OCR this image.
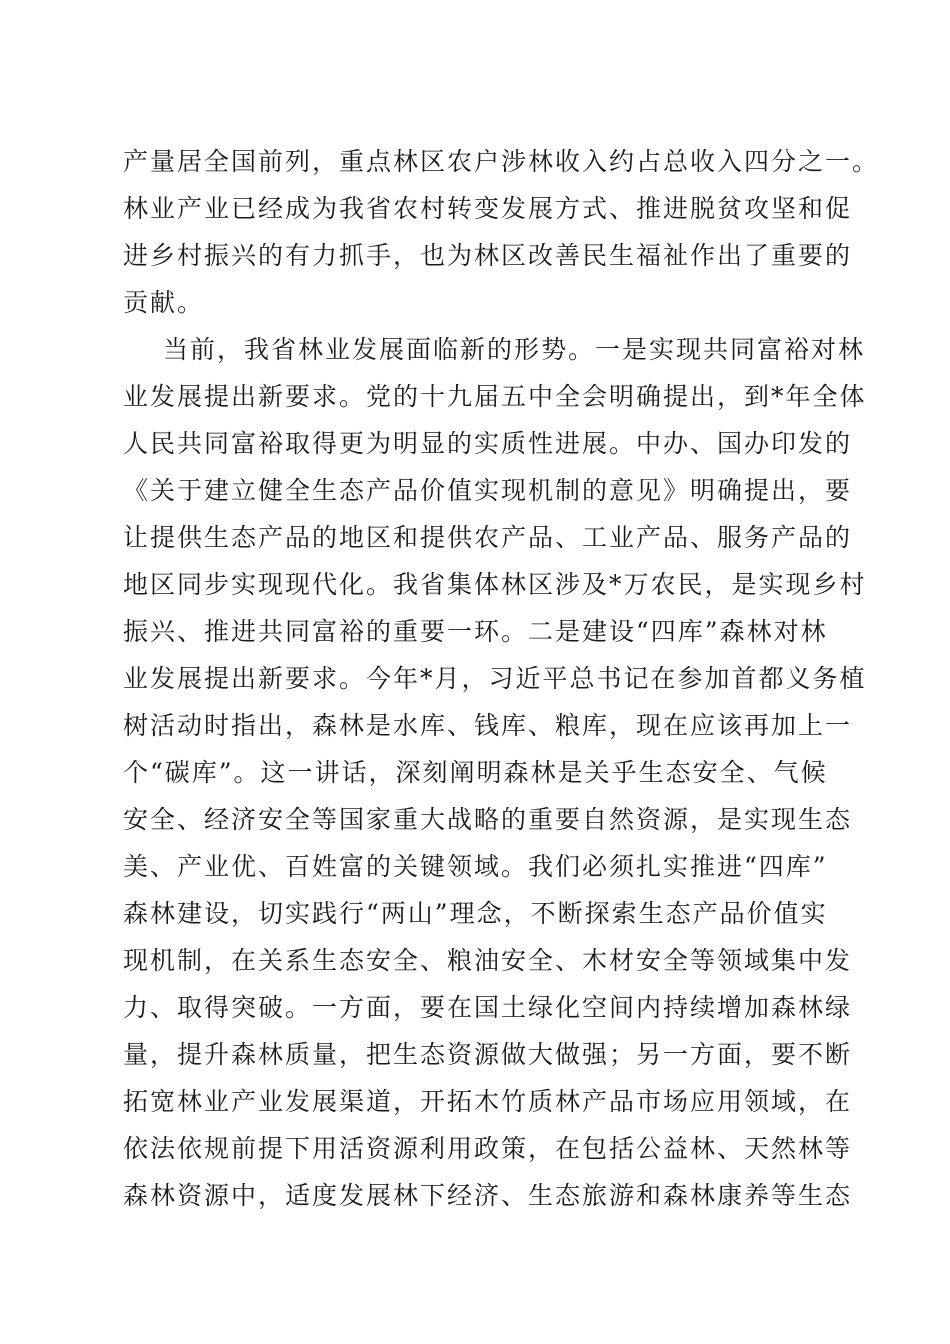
产量居全国前列，重点林区农户涉林收入约占总收入四分之一。
林业产业已经成为我省农村转变发展方式、推进脱贫攻坚和促
进乡村振兴的有力抓手，也为林区改善民生福祉作出了重要的
贡献。
当前，我省林业发展面临新的形势。一是实现共同富裕对林
业发展提出新要求。党的十九届五中全会明确提出，到*年全体
人民共同富裕取得更为明显的实质性进展。中办、国办印发的
《关于建立健全生态产品价值实现机制的意见》明确提出，要
让提供生态产品的地区和提供农产品、工业产品、服务产品的
地区同步实现现代化。我省集体林区涉及*万农民，是实现乡村
振兴、推进共同富裕的重要一环。二是建设“四库”森林对林
业发展提出新要求。今年*月，习近平总书记在参加首都义务植
树活动时指出，森林是水库、钱库、粮库，现在应该再加上一
个“碳库”。这一讲话，深刻阐明森林是关乎生态安全、气候
安全、经济安全等国家重大战略的重要自然资源，是实现生态
美、产业优、百姓富的关键领域。我们必须扎实推进“四库”
森林建设，切实践行“两山”理念，不断探索生态产品价值实
现机制，在关系生态安全、粮油安全、木材安全等领域集中发
力、取得突破。一方面，要在国土绿化空间内持续增加森林绿
量，提升森林质量，把生态资源做大做强；另一方面，要不断
拓宽林业产业发展渠道，开拓木竹质林产品市场应用领域，在
依法依规前提下用活资源利用政策，在包括公益林、天然林等
森林资源中，适度发展林下经济、生态旅游和森林康养等生态
